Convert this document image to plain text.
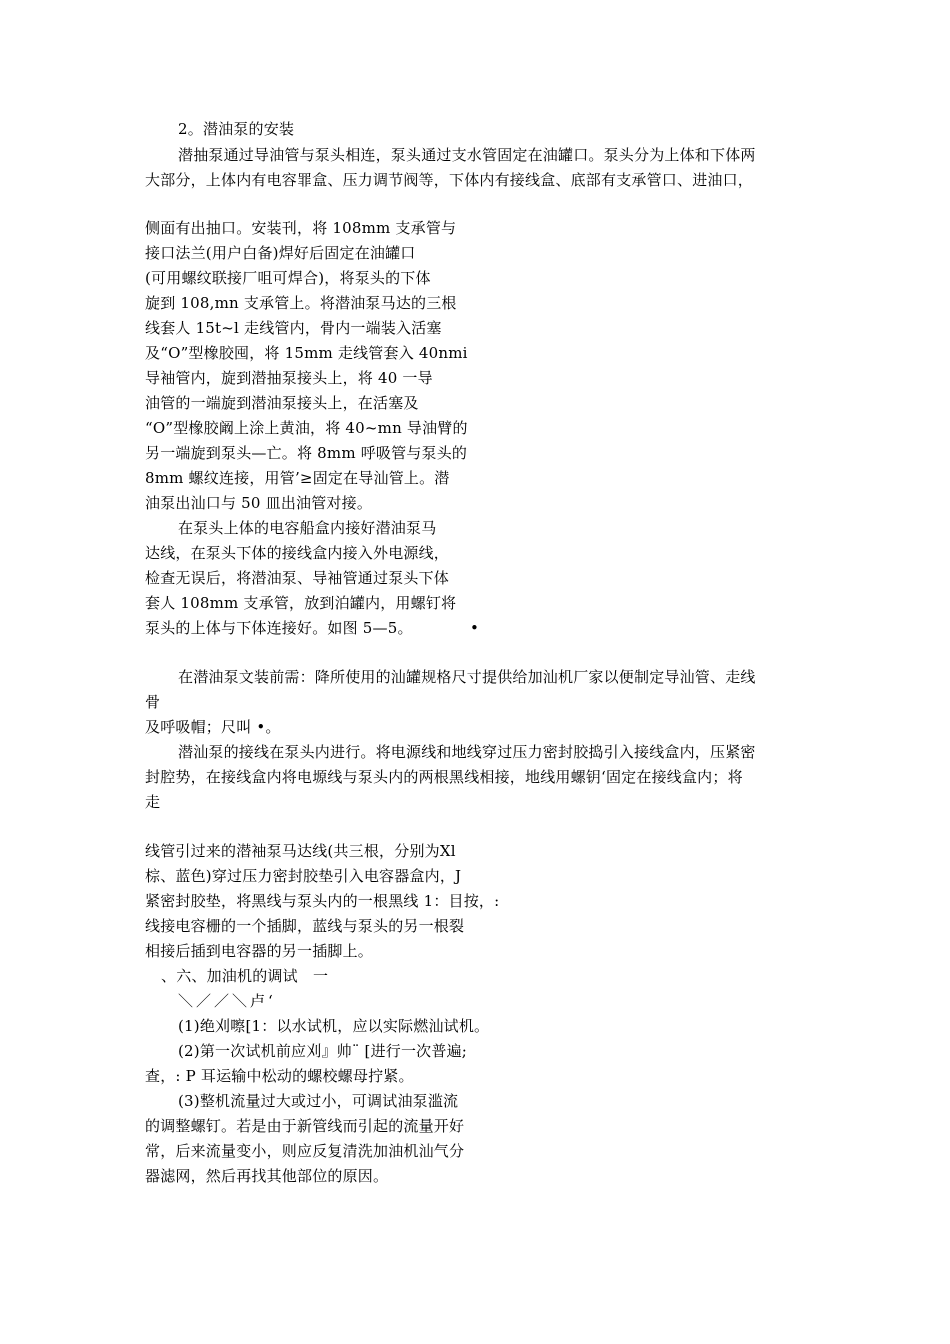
2。潜油泵的安装
潜抽泵通过导油管与泵头相连，泵头通过支水管固定在油罐口。泵头分为上体和下体两
大部分，上体内有电容罪盒、压力调节阀等，下体内有接线盒、底部有支承管口、进油口，
侧面有出抽口。安装刊，将 108mm 支承管与
接口法兰(用户白备)焊好后固定在油罐口
(可用螺纹联接厂咀可焊合)，将泵头的下体
旋到 108,mn 支承管上。将潜油泵马达的三根
线套人 15t~l 走线管内，骨内一端装入活塞
及“O”型橡胶囤，将 15mm 走线管套入 40nmi
导袖管内，旋到潜抽泵接头上，将 40 一导
油管的一端旋到潜油泵接头上，在活塞及
“O”型橡胶阚上涂上黄油，将 40~mn 导油臂的
另一端旋到泵头—亡。将 8mm 呼吸管与泵头的
8mm 螺纹连接，用管’≥固定在导汕管上。潜
油泵出汕口与 50 皿出油管对接。
在泵头上体的电容船盒内接好潜油泵马
达线，在泵头下体的接线盒内接入外电源线，
检查无误后，将潜油泵、导袖管通过泵头下体
套人 108mm 支承管，放到泊罐内，用螺钉将
泵头的上体与下体连接好。如图 5—5。	•
在潜油泵文装前需：降所使用的汕罐规格尺寸提供给加汕机厂家以便制定导汕管、走线
骨
及呼吸帽；尺叫 •。
潜汕泵的接线在泵头内进行。将电源线和地线穿过压力密封胶捣引入接线盒内，压紧密
封腔势，在接线盒内将电塬线与泵头内的两根黑线相接，地线用螺钥‘固定在接线盒内；将
走
线管引过来的潜袖泵马达线(共三根，分别为Xl
棕、蓝色)穿过压力密封胶垫引入电容器盒内，J
紧密封胶垫，将黑线与泵头内的一根黑线 1：目按，:
线接电容栅的一个插脚，蓝线与泵头的另一根裂
相接后插到电容器的另一插脚上。
、六、加油机的调试　一
＼／／＼卢‘
(1)绝刈嚓[1：以水试机，应以实际燃汕试机。
(2)第一次试机前应刈』帅¨ [进行一次普遍;
查，: P 耳运输中松动的螺校螺母拧紧。
(3)整机流量过大或过小，可调试油泵滥流
的调整螺钉。若是由于新管线而引起的流量开好
常，后来流量变小，则应反复清洗加油机汕气分
器滤网，然后再找其他部位的原因。
